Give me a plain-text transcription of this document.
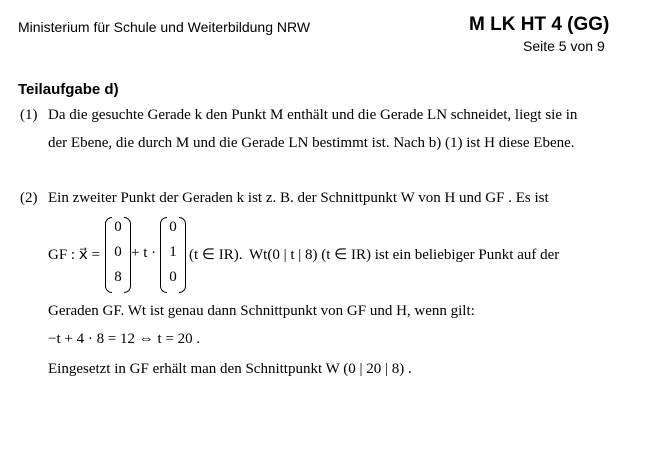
Ministerium für Schule und Weiterbildung NRW	M LK HT 4 (GG)
Seite 5 von 9
Teilaufgabe d)
(1) Da die gesuchte Gerade k den Punkt M enthält und die Gerade LN schneidet, liegt sie in
der Ebene, die durch M und die Gerade LN bestimmt ist. Nach b) (1) ist H diese Ebene.
(2) Ein zweiter Punkt der Geraden k ist z. B. der Schnittpunkt W von H und GF . Es ist
GF : x⃗ =
0
0
8
+ t ·
0
1
0
(t ∈ IR). Wt(0 | t | 8) (t ∈ IR) ist ein beliebiger Punkt auf der
Geraden GF. Wt ist genau dann Schnittpunkt von GF und H, wenn gilt:
−t + 4 · 8 = 12 ⇔ t = 20 .
Eingesetzt in GF erhält man den Schnittpunkt W (0 | 20 | 8) .
